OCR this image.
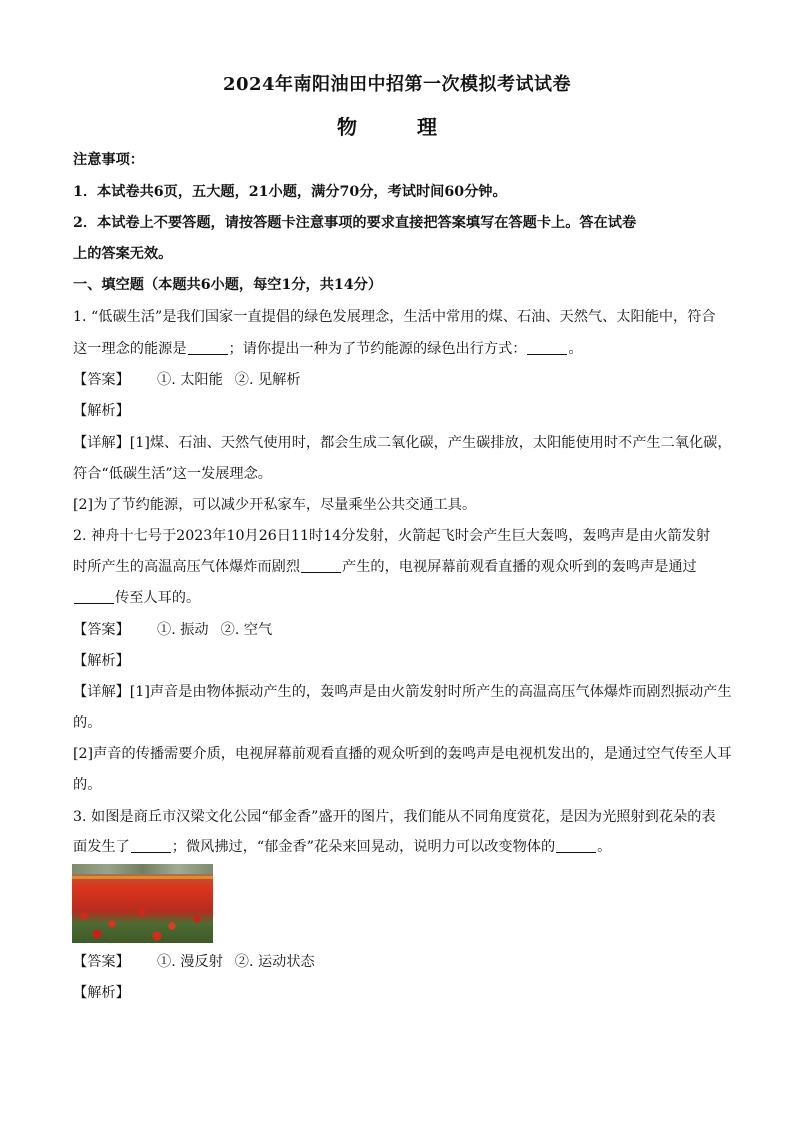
2024年南阳油田中招第一次模拟考试试卷
物　理
注意事项：
1．本试卷共6页，五大题，21小题，满分70分，考试时间60分钟。
2．本试卷上不要答题，请按答题卡注意事项的要求直接把答案填写在答题卡上。答在试卷
上的答案无效。
一、填空题（本题共6小题，每空1分，共14分）
1. “低碳生活”是我们国家一直提倡的绿色发展理念，生活中常用的煤、石油、天然气、太阳能中，符合
这一理念的能源是	；请你提出一种为了节约能源的绿色出行方式：	。
【答案】 ①. 太阳能 ②. 见解析
【解析】
【详解】[1]煤、石油、天然气使用时，都会生成二氧化碳，产生碳排放，太阳能使用时不产生二氧化碳，
符合“低碳生活”这一发展理念。
[2]为了节约能源，可以减少开私家车，尽量乘坐公共交通工具。
2. 神舟十七号于2023年10月26日11时14分发射，火箭起飞时会产生巨大轰鸣，轰鸣声是由火箭发射
时所产生的高温高压气体爆炸而剧烈	产生的，电视屏幕前观看直播的观众听到的轰鸣声是通过
传至人耳的。
【答案】 ①. 振动 ②. 空气
【解析】
【详解】[1]声音是由物体振动产生的，轰鸣声是由火箭发射时所产生的高温高压气体爆炸而剧烈振动产生
的。
[2]声音的传播需要介质，电视屏幕前观看直播的观众听到的轰鸣声是电视机发出的，是通过空气传至人耳
的。
3. 如图是商丘市汉梁文化公园“郁金香”盛开的图片，我们能从不同角度赏花，是因为光照射到花朵的表
面发生了	；微风拂过，“郁金香”花朵来回晃动，说明力可以改变物体的	。
【答案】 ①. 漫反射 ②. 运动状态
【解析】
